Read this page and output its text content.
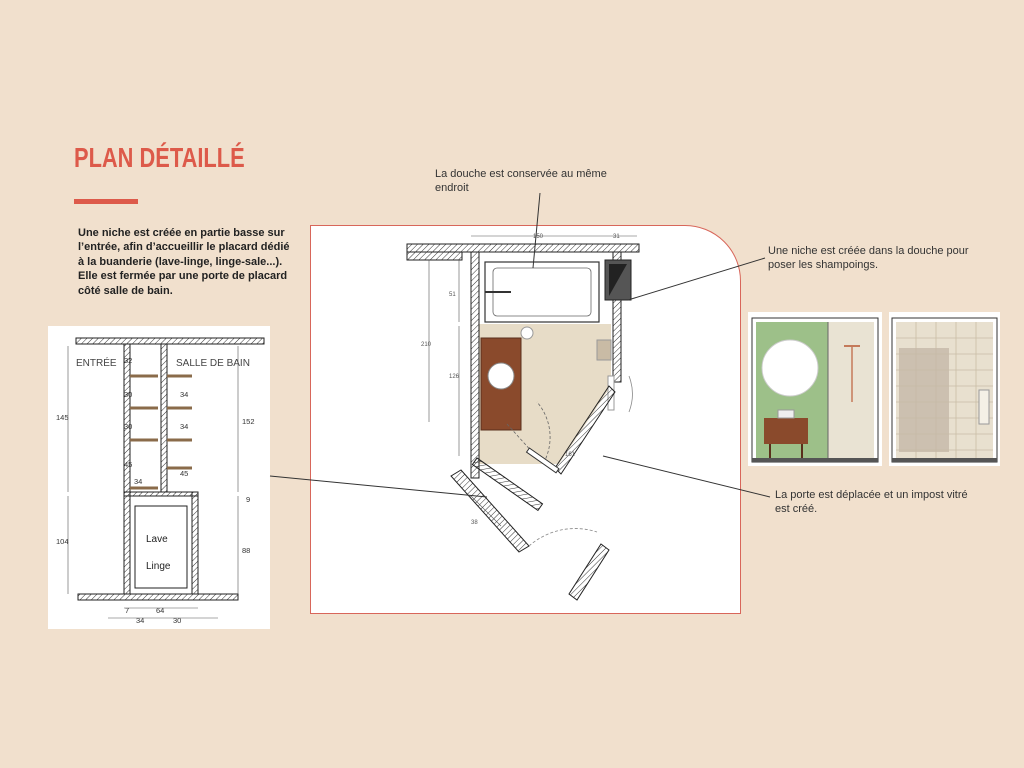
PLAN DÉTAILLÉ

Une niche est créée en partie basse sur l’entrée, afin d’accueillir le placard dédié à la buanderie (lave-linge, linge-sale...). Elle est fermée par une porte de placard côté salle de bain.

La douche est conservée au même endroit

Une niche est créée dans la douche pour poser les shampoings.

La porte est déplacée et un impost vitré est créé.

Lave
Linge
ENTRÉE	SALLE DE BAIN
32
30
30
45
34
34
34
45
145
104
152
9
88
7	64
34	30
150	31
210
51
126
38
161
